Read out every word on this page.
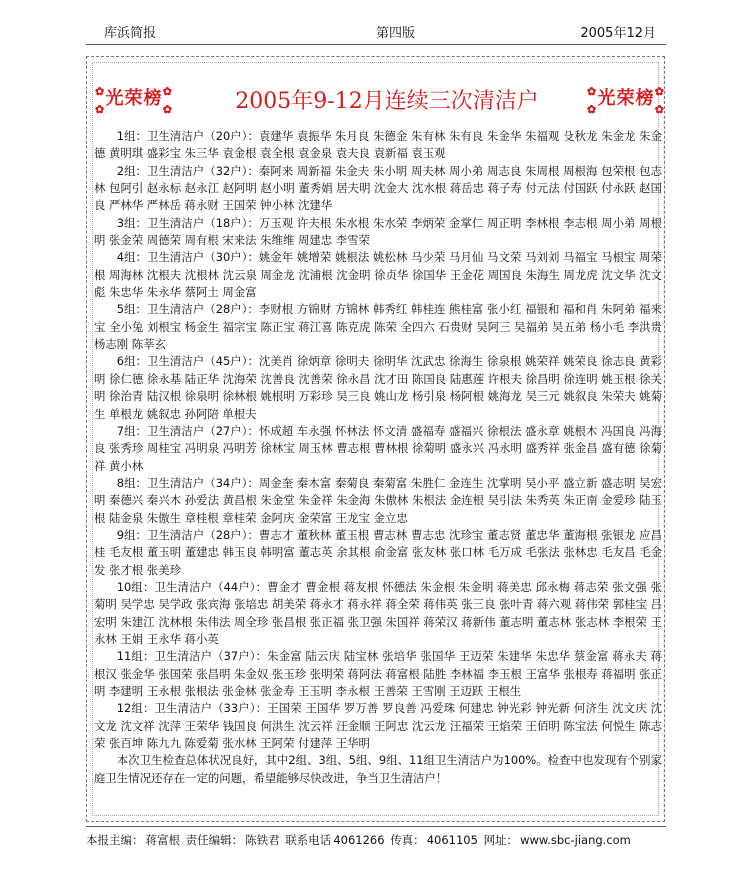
库浜简报	第四版	2005年12月
✿
✿
光荣榜 ✿
✿	2005年9-12月连续三次清洁户	✿
✿
光荣榜 ✿
✿

1组：卫生清洁户（20户）：袁建华 袁振华 朱月良 朱德金 朱有林 朱有良 朱金华 朱福观 殳秋龙 朱金龙 朱金德 黄明琪 盛彩宝 朱三华 袁金根 袁全根 袁金泉 袁夫良 袁新福 袁玉观

2组：卫生清洁户（32户）：秦阿来 周新福 朱金夫 朱小明 周夫林 周小弟 周志良 朱周根 周根海 包荣根 包志林 包阿引 赵永标 赵永江 赵阿明 赵小明 董秀娟 居夫明 沈金大 沈水根 蒋岳忠 蒋子寿 付元法 付国跃 付永跃 赵国良 严林华 严林岳 蒋永财 王国荣 钟小林 沈建华

3组：卫生清洁户（18户）：万玉观 许夫根 朱水根 朱水荣 李炳荣 金掌仁 周正明 李林根 李志根 周小弟 周根明 张金荣 周德荣 周有根 宋来法 朱维维 周建忠 李雪荣

4组：卫生清洁户（30户）：姚金年 姚增荣 姚根法 姚松林 马少荣 马月仙 马文荣 马刘刘 马福宝 马根宝 周荣根 周海林 沈根夫 沈根林 沈云泉 周金龙 沈浦根 沈金明 徐贞华 徐国华 王金花 周国良 朱海生 周龙虎 沈文华 沈文彪 朱忠华 朱永华 蔡阿土 周金富

5组：卫生清洁户（28户）：李财根 方锦财 方锦林 韩秀红 韩桂连 熊桂富 张小红 福银和 福和肖 朱阿弟 福来宝 全小兔 刘根宝 杨金生 福宗宝 陈正宝 蒋江喜 陈克虎 陈荣 全四六 石贵财 吴阿三 吴福弟 吴五弟 杨小毛 李洪贵 杨志刚 陈莘玄

6组：卫生清洁户（45户）：沈美肖 徐炳章 徐明夫 徐明华 沈武忠 徐海生 徐泉根 姚荣祥 姚荣良 徐志良 黄彩明 徐仁德 徐永基 陆正华 沈海荣 沈善良 沈善荣 徐永昌 沈才田 陈国良 陆惠莲 许根夫 徐昌明 徐连明 姚玉根 徐关明 徐治青 陆汉根 徐泉明 徐林根 姚根明 万彩珍 吴三良 姚山龙 杨引泉 杨阿根 姚海龙 吴三元 姚叙良 朱荣夫 姚菊生 单根龙 姚叙忠 孙阿陪 单根夫

7组：卫生清洁户（27户）：怀成超 车永强 怀林法 怀文清 盛福寿 盛福兴 徐根法 盛永章 姚根木 冯国良 冯海良 张秀珍 周桂宝 冯明泉 冯明芳 徐林宝 周玉林 曹志根 曹林根 徐菊明 盛永兴 冯永明 盛秀祥 张金昌 盛有德 徐菊祥 黄小林

8组：卫生清洁户（34户）：周金奎 秦木富 秦菊良 秦菊富 朱胜仁 金连生 沈掌明 吴小平 盛立新 盛志明 吴宏明 秦德兴 秦兴木 孙爱法 黄昌根 朱金堂 朱金祥 朱金海 朱傲林 朱根法 金连根 吴引法 朱秀英 朱正南 金爱珍 陆玉根 陆金泉 朱傲生 章桂根 章桂荣 金阿庆 金荣富 王龙宝 金立忠

9组：卫生清洁户（28户）：曹志才 董秋林 董玉根 曹志林 曹志忠 沈珍宝 董志贤 董忠华 董海根 张银龙 应昌桂 毛友根 董玉明 董建忠 韩玉良 韩明富 董志英 余其根 俞金富 张友林 张口林 毛万成 毛张法 张林忠 毛友昌 毛金发 张才根 张美珍

10组：卫生清洁户（44户）：曹金才 曹金根 蒋友根 怀德法 朱金根 朱金明 蒋美忠 邱永梅 蒋志荣 张文强 张菊明 吴学忠 吴学政 张宾海 张培忠 胡美荣 蒋永才 蒋永祥 蒋全荣 蒋伟英 张三良 张叶青 蒋六观 蒋伟荣 郭桂宝 吕宏明 朱建江 沈林根 朱伟法 周全珍 张昌根 张正福 张卫强 朱国祥 蒋荣汉 蒋新伟 董志明 董志林 张志林 李根荣 王永林 王娟 王永华 蒋小英

11组：卫生清洁户（37户）：朱金富 陆云庆 陆宝林 张培华 张国华 王迈荣 朱建华 朱忠华 蔡金富 蒋永夫 蒋根汉 张金华 张国荣 张昌明 朱金奴 张玉珍 张明荣 蒋阿法 蒋富根 陆胜 李林福 李玉根 王富华 张根寿 蒋福明 张正明 李建明 王永根 张根法 张金林 张金寿 王玉明 李永根 王善荣 王雪刚 王迈跃 王根生

12组：卫生清洁户（33户）：王国荣 王国华 罗万善 罗良善 冯爱珠 何建忠 钟光彩 钟光新 何济生 沈文庆 沈文龙 沈文祥 沈萍 王荣华 钱国良 何洪生 沈云祥 汪金顺 王阿忠 沈云龙 汪福荣 王焰荣 王佰明 陈宝法 何悦生 陈志荣 张百坤 陈九九 陈爱菊 张水林 王阿荣 付建萍 王华明

本次卫生检查总体状况良好，其中2组、3组、5组、9组、11组卫生清洁户为100%。检查中也发现有个别家庭卫生情况还存在一定的问题，希望能够尽快改进，争当卫生清洁户！

本报主编： 蒋富根 责任编辑： 陈铁君 联系电话 4061266 传真： 4061105 网址： www.sbc-jiang.com
